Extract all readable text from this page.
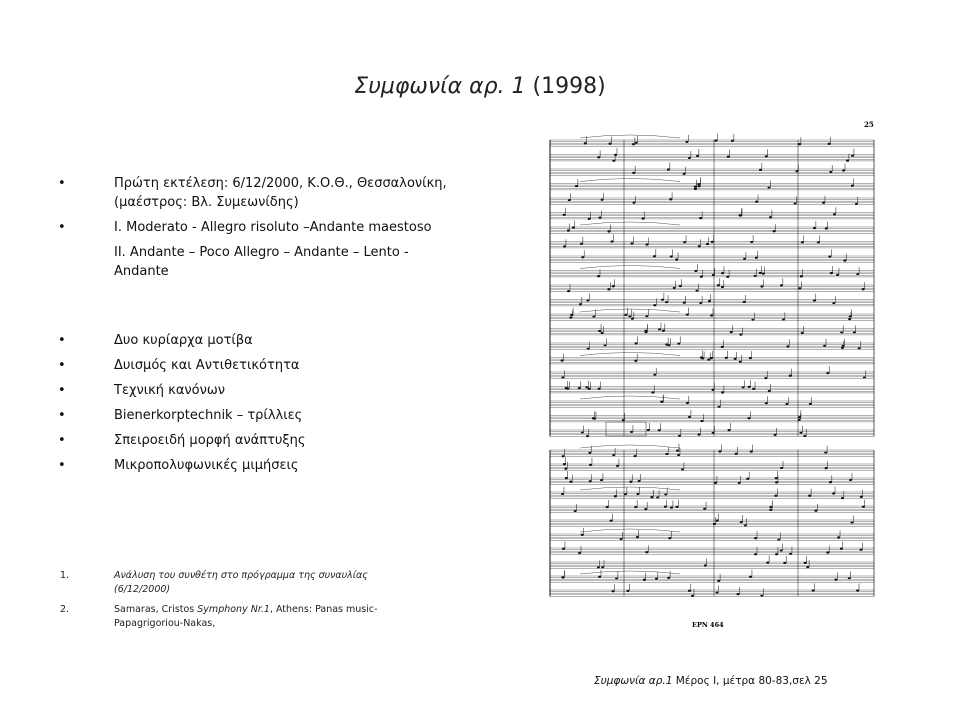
Συμφωνία αρ. 1 (1998)
•	Πρώτη εκτέλεση: 6/12/2000, Κ.Ο.Θ., Θεσσαλονίκη,
(μαέστρος: Βλ. Συμεωνίδης)
•	I. Moderato - Allegro risoluto –Andante maestoso
II. Andante – Poco Allegro – Andante – Lento -
Andante
•	Δυο κυρίαρχα μοτίβα
•	Δυισμός και Αντιθετικότητα
•	Τεχνική κανόνων
•	Bienerkorptechnik – τρίλλιες
•	Σπειροειδή μορφή ανάπτυξης
•	Μικροπολυφωνικές μιμήσεις
1.	Ανάλυση του συνθέτη στο πρόγραμμα της συναυλίας
(6/12/2000)
2.	Samaras, Cristos Symphony Nr.1, Athens: Panas music-
Papagrigoriou-Nakas,
25
EPN 464
Συμφωνία αρ.1 Μέρος Ι, μέτρα 80-83,σελ 25
